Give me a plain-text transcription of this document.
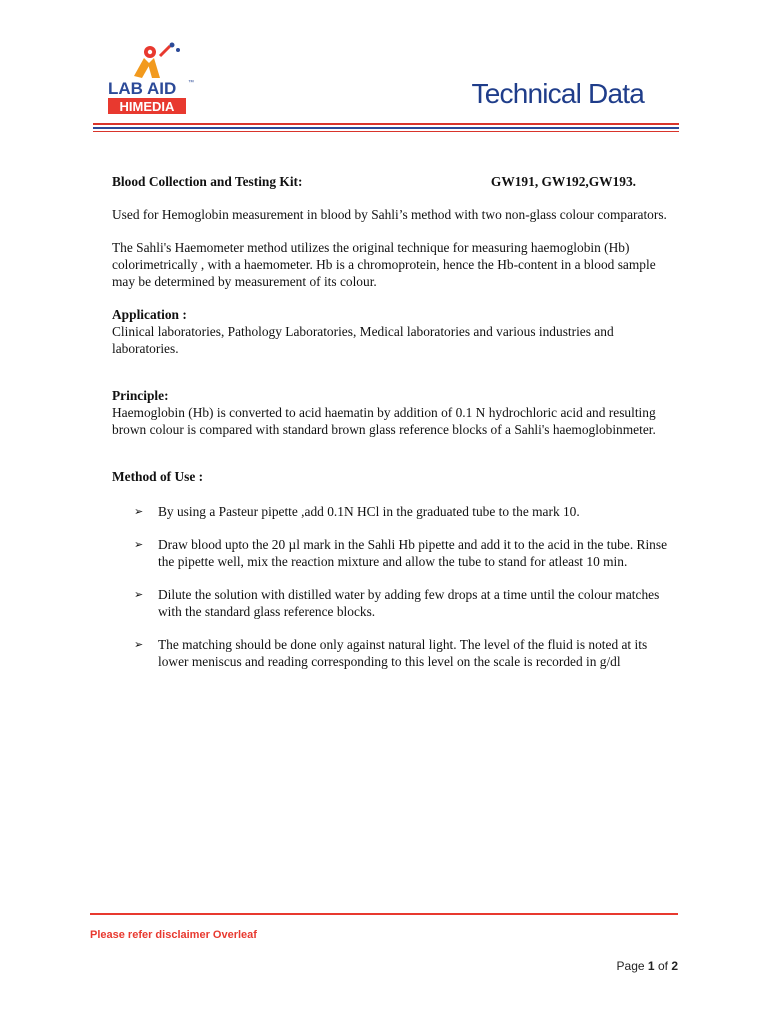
LAB AID ™
HIMEDIA	Technical Data
Blood Collection and Testing Kit:	GW191, GW192,GW193.

Used for Hemoglobin measurement in blood by Sahli’s method with two non-glass colour comparators.

The Sahli's Haemometer method utilizes the original technique for measuring haemoglobin (Hb) colorimetrically , with a haemometer. Hb is a chromoprotein, hence the Hb-content in a blood sample may be determined by measurement of its colour.

Application :

Clinical laboratories, Pathology Laboratories, Medical laboratories and various industries and laboratories.

Principle:

Haemoglobin (Hb) is converted to acid haematin by addition of 0.1 N hydrochloric acid and resulting brown colour is compared with standard brown glass reference blocks of a Sahli's haemoglobinmeter.

Method of Use :
➢ By using a Pasteur pipette ,add 0.1N HCl in the graduated tube to the mark 10.
➢ Draw blood upto the 20 µl mark in the Sahli Hb pipette and add it to the acid in the tube. Rinse the pipette well, mix the reaction mixture and allow the tube to stand for atleast 10 min.
➢ Dilute the solution with distilled water by adding few drops at a time until the colour matches with the standard glass reference blocks.
➢ The matching should be done only against natural light. The level of the fluid is noted at its lower meniscus and reading corresponding to this level on the scale is recorded in g/dl
Please refer disclaimer Overleaf
Page 1 of 2
